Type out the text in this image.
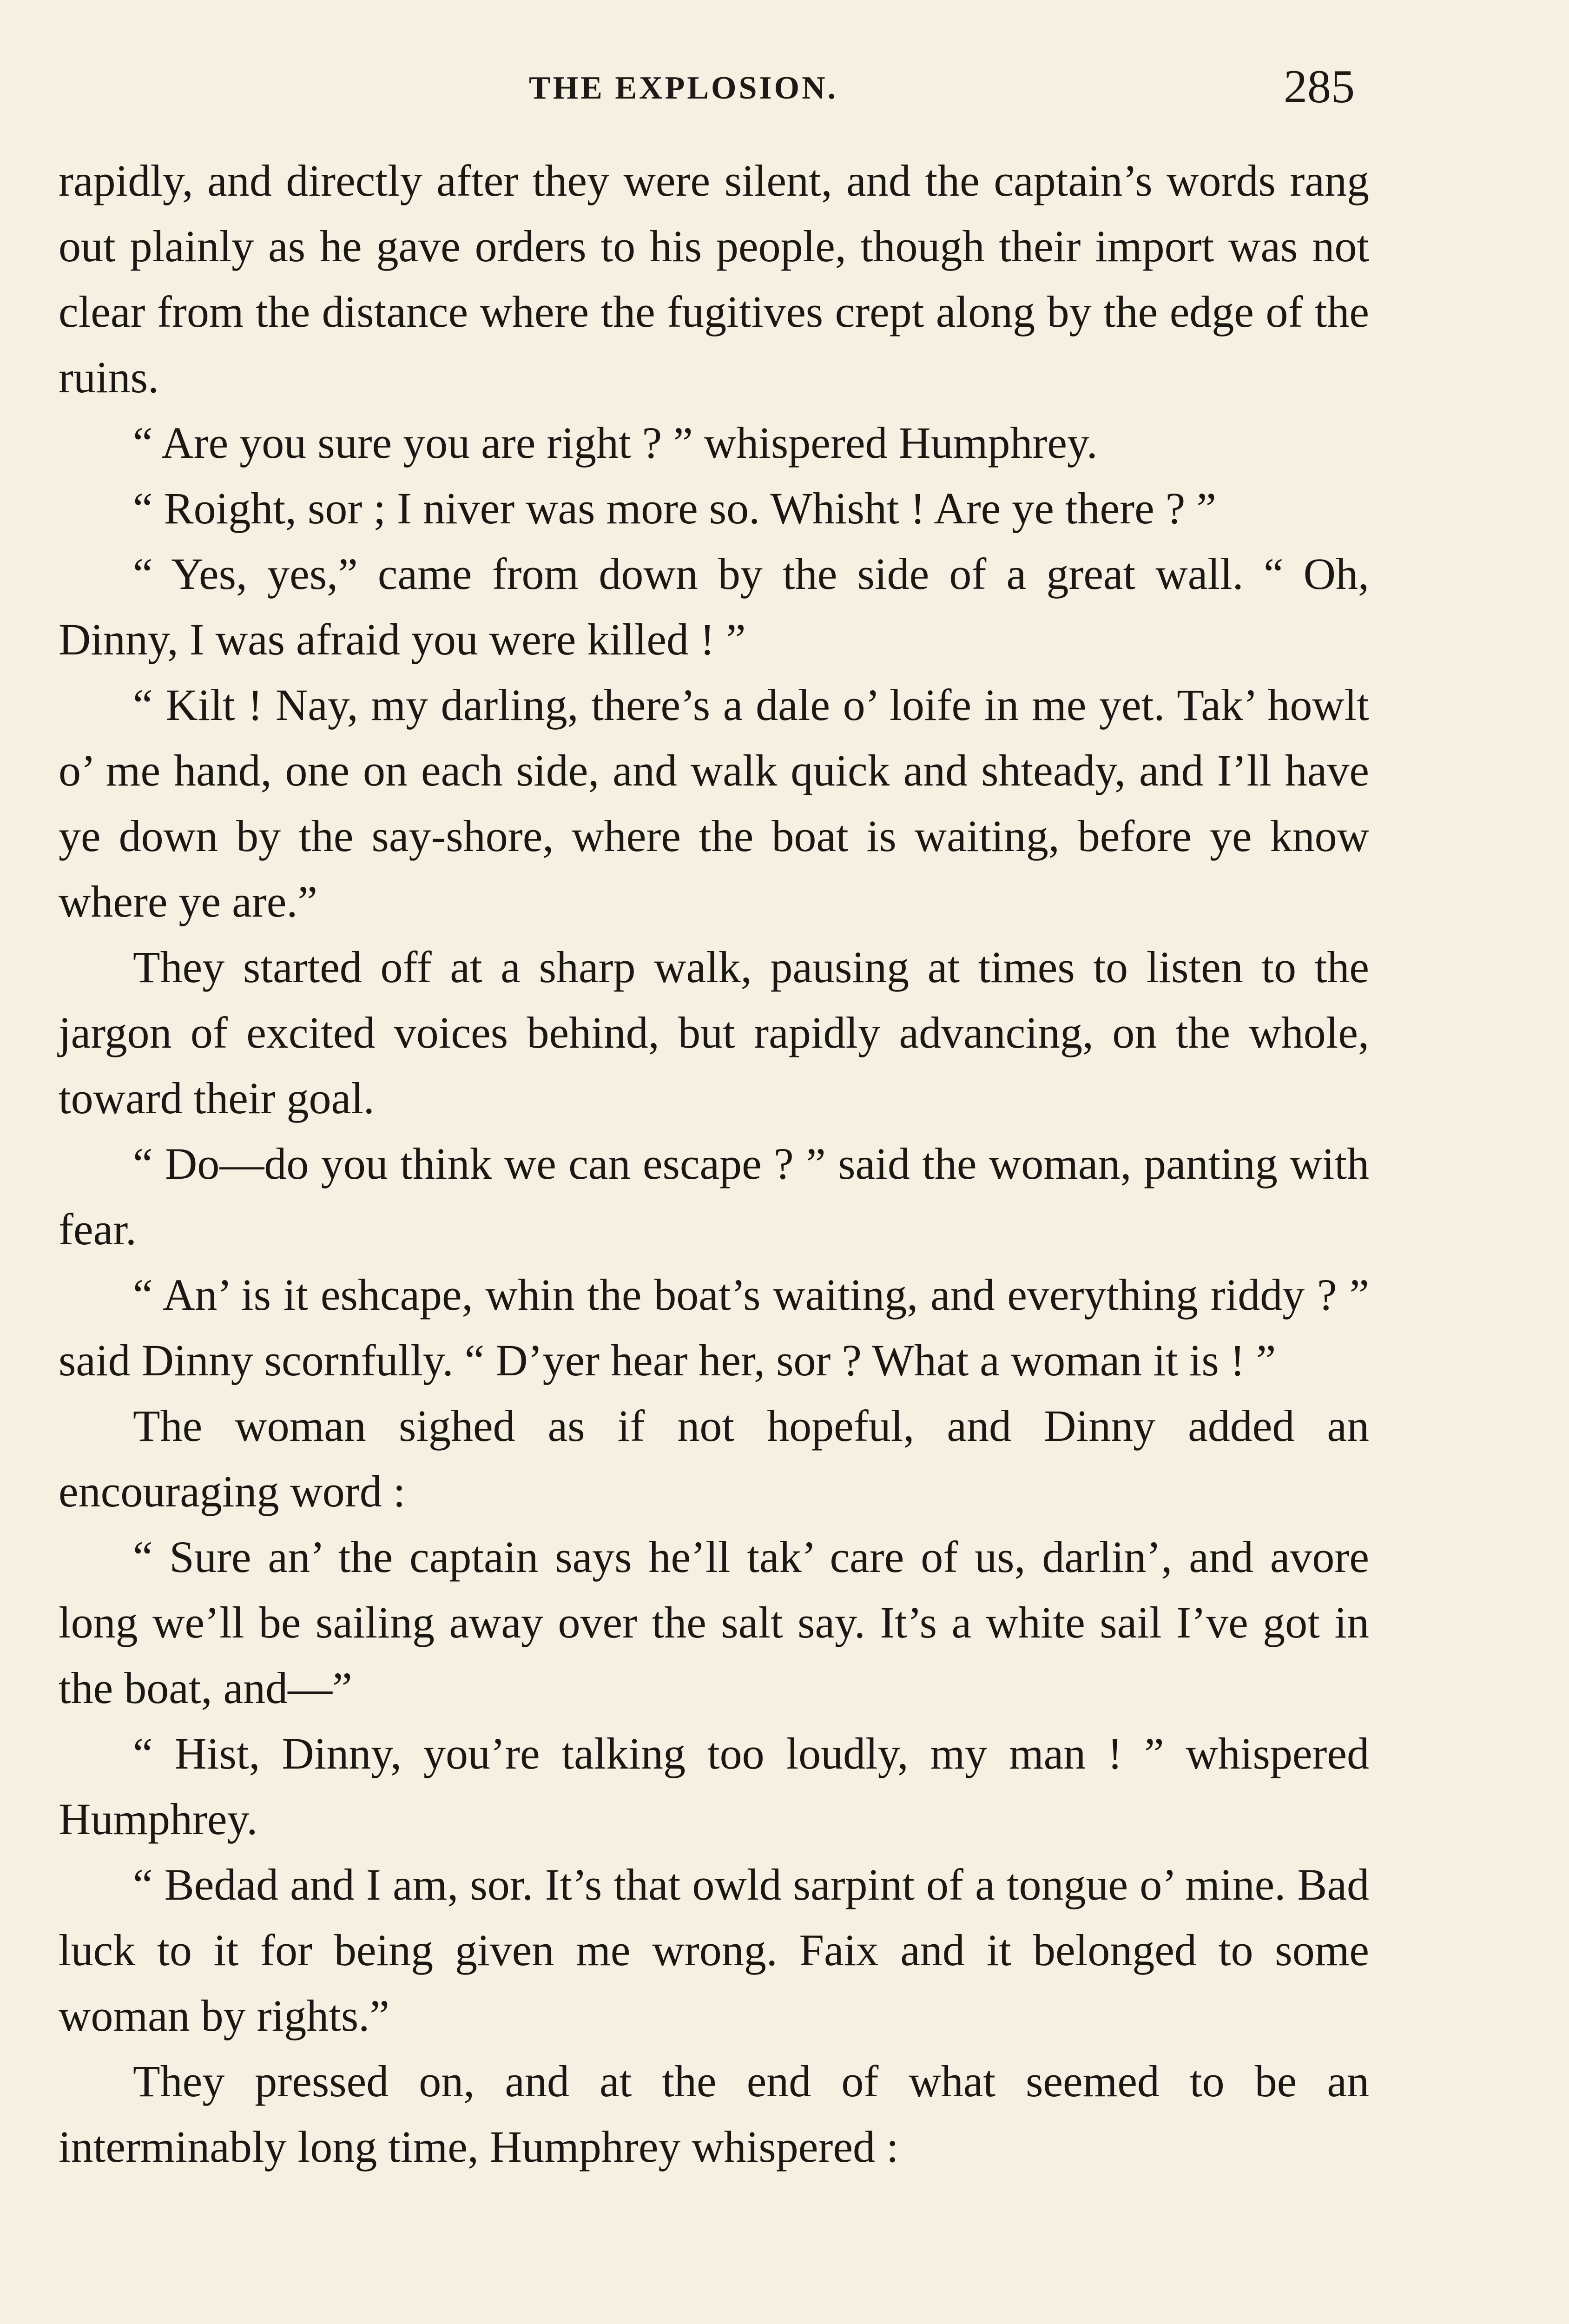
THE EXPLOSION.	285

rapidly, and directly after they were silent, and the captain’s words rang out plainly as he gave orders to his people, though their import was not clear from the distance where the fugitives crept along by the edge of the ruins.

“ Are you sure you are right ? ” whispered Humphrey.

“ Roight, sor ; I niver was more so. Whisht ! Are ye there ? ”

“ Yes, yes,” came from down by the side of a great wall. “ Oh, Dinny, I was afraid you were killed ! ”

“ Kilt ! Nay, my darling, there’s a dale o’ loife in me yet. Tak’ howlt o’ me hand, one on each side, and walk quick and shteady, and I’ll have ye down by the say-shore, where the boat is waiting, before ye know where ye are.”

They started off at a sharp walk, pausing at times to listen to the jargon of excited voices behind, but rapidly advancing, on the whole, toward their goal.

“ Do—do you think we can escape ? ” said the woman, panting with fear.

“ An’ is it eshcape, whin the boat’s waiting, and everything riddy ? ” said Dinny scornfully. “ D’yer hear her, sor ? What a woman it is ! ”

The woman sighed as if not hopeful, and Dinny added an encouraging word :

“ Sure an’ the captain says he’ll tak’ care of us, darlin’, and avore long we’ll be sailing away over the salt say. It’s a white sail I’ve got in the boat, and—”

“ Hist, Dinny, you’re talking too loudly, my man ! ” whispered Humphrey.

“ Bedad and I am, sor. It’s that owld sarpint of a tongue o’ mine. Bad luck to it for being given me wrong. Faix and it belonged to some woman by rights.”

They pressed on, and at the end of what seemed to be an interminably long time, Humphrey whispered :
